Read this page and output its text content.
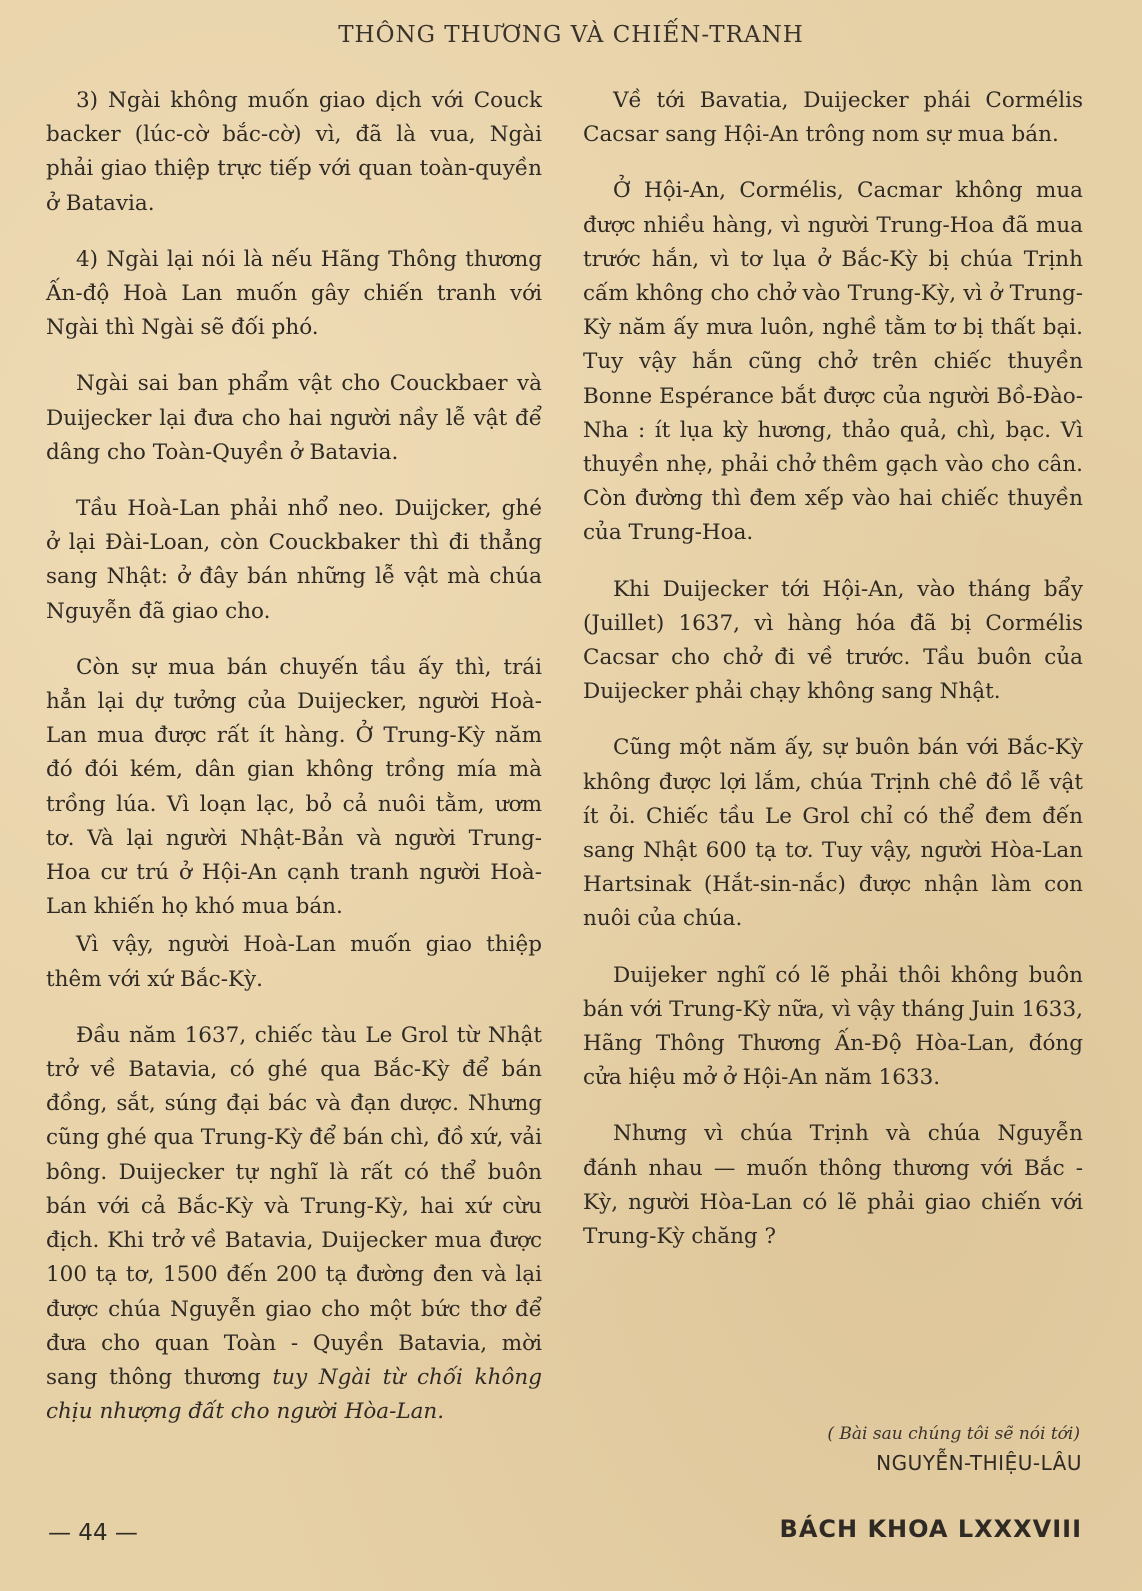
THÔNG THƯƠNG VÀ CHIẾN-TRANH

3) Ngài không muốn giao dịch với Couck backer (lúc-cờ bắc-cờ) vì, đã là vua, Ngài phải giao thiệp trực tiếp với quan toàn-quyền ở Batavia.

4) Ngài lại nói là nếu Hãng Thông thương Ấn-độ Hoà Lan muốn gây chiến tranh với Ngài thì Ngài sẽ đối phó.

Ngài sai ban phẩm vật cho Couckbaer và Duijecker lại đưa cho hai người nầy lễ vật để dâng cho Toàn-Quyền ở Batavia.

Tầu Hoà-Lan phải nhổ neo. Duijcker, ghé ở lại Đài-Loan, còn Couckbaker thì đi thẳng sang Nhật: ở đây bán những lễ vật mà chúa Nguyễn đã giao cho.

Còn sự mua bán chuyến tầu ấy thì, trái hẳn lại dự tưởng của Duijecker, người Hoà-Lan mua được rất ít hàng. Ở Trung-Kỳ năm đó đói kém, dân gian không trồng mía mà trồng lúa. Vì loạn lạc, bỏ cả nuôi tằm, ươm tơ. Và lại người Nhật-Bản và người Trung-Hoa cư trú ở Hội-An cạnh tranh người Hoà-Lan khiến họ khó mua bán.

Vì vậy, người Hoà-Lan muốn giao thiệp thêm với xứ Bắc-Kỳ.

Đầu năm 1637, chiếc tàu Le Grol từ Nhật trở về Batavia, có ghé qua Bắc-Kỳ để bán đồng, sắt, súng đại bác và đạn dược. Nhưng cũng ghé qua Trung-Kỳ để bán chì, đồ xứ, vải bông. Duijecker tự nghĩ là rất có thể buôn bán với cả Bắc-Kỳ và Trung-Kỳ, hai xứ cừu địch. Khi trở về Batavia, Duijecker mua được 100 tạ tơ, 1500 đến 200 tạ đường đen và lại được chúa Nguyễn giao cho một bức thơ để đưa cho quan Toàn - Quyền Batavia, mời sang thông thương tuy Ngài từ chối không chịu nhượng đất cho người Hòa-Lan.

Về tới Bavatia, Duijecker phái Cormélis Cacsar sang Hội-An trông nom sự mua bán.

Ở Hội-An, Cormélis, Cacmar không mua được nhiều hàng, vì người Trung-Hoa đã mua trước hắn, vì tơ lụa ở Bắc-Kỳ bị chúa Trịnh cấm không cho chở vào Trung-Kỳ, vì ở Trung-Kỳ năm ấy mưa luôn, nghề tằm tơ bị thất bại. Tuy vậy hắn cũng chở trên chiếc thuyền Bonne Espérance bắt được của người Bồ-Đào-Nha : ít lụa kỳ hương, thảo quả, chì, bạc. Vì thuyền nhẹ, phải chở thêm gạch vào cho cân. Còn đường thì đem xếp vào hai chiếc thuyền của Trung-Hoa.

Khi Duijecker tới Hội-An, vào tháng bẩy (Juillet) 1637, vì hàng hóa đã bị Cormélis Cacsar cho chở đi về trước. Tầu buôn của Duijecker phải chạy không sang Nhật.

Cũng một năm ấy, sự buôn bán với Bắc-Kỳ không được lợi lắm, chúa Trịnh chê đồ lễ vật ít ỏi. Chiếc tầu Le Grol chỉ có thể đem đến sang Nhật 600 tạ tơ. Tuy vậy, người Hòa-Lan Hartsinak (Hắt-sin-nắc) được nhận làm con nuôi của chúa.

Duijeker nghĩ có lẽ phải thôi không buôn bán với Trung-Kỳ nữa, vì vậy tháng Juin 1633, Hãng Thông Thương Ấn-Độ Hòa-Lan, đóng cửa hiệu mở ở Hội-An năm 1633.

Nhưng vì chúa Trịnh và chúa Nguyễn đánh nhau — muốn thông thương với Bắc - Kỳ, người Hòa-Lan có lẽ phải giao chiến với Trung-Kỳ chăng ?

( Bài sau chúng tôi sẽ nói tới)
NGUYỄN-THIỆU-LÂU
— 44 —	BÁCH KHOA LXXXVIII
